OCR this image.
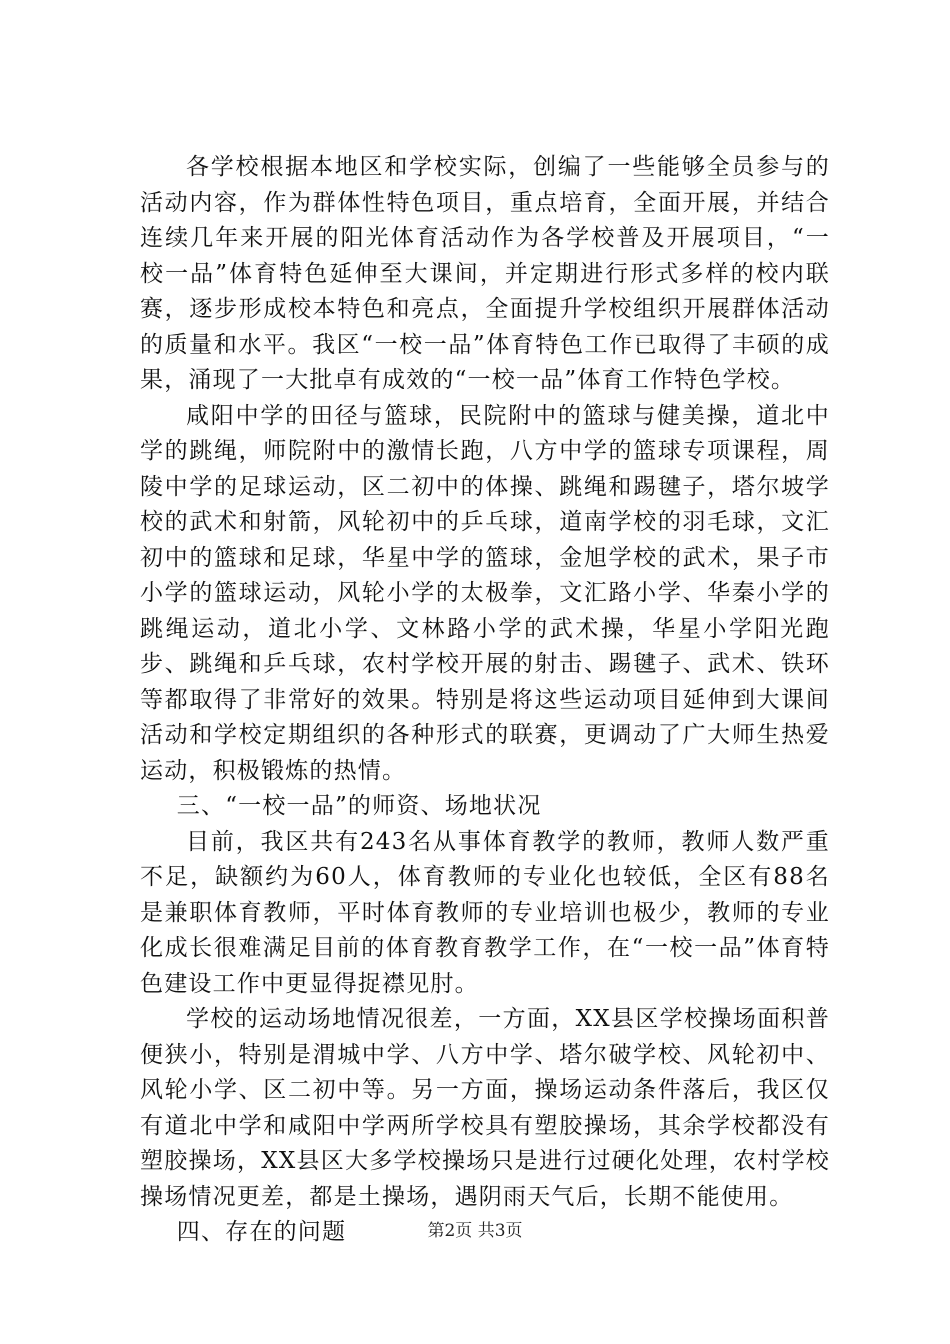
各学校根据本地区和学校实际，创编了一些能够全员参与的活动内容，作为群体性特色项目，重点培育，全面开展，并结合连续几年来开展的阳光体育活动作为各学校普及开展项目，“一校一品”体育特色延伸至大课间，并定期进行形式多样的校内联赛，逐步形成校本特色和亮点，全面提升学校组织开展群体活动的质量和水平。我区“一校一品”体育特色工作已取得了丰硕的成果，涌现了一大批卓有成效的“一校一品”体育工作特色学校。

咸阳中学的田径与篮球，民院附中的篮球与健美操，道北中学的跳绳，师院附中的激情长跑，八方中学的篮球专项课程，周陵中学的足球运动，区二初中的体操、跳绳和踢毽子，塔尔坡学校的武术和射箭，风轮初中的乒乓球，道南学校的羽毛球，文汇初中的篮球和足球，华星中学的篮球，金旭学校的武术，果子市小学的篮球运动，风轮小学的太极拳，文汇路小学、华秦小学的跳绳运动，道北小学、文林路小学的武术操，华星小学阳光跑步、跳绳和乒乓球，农村学校开展的射击、踢毽子、武术、铁环等都取得了非常好的效果。特别是将这些运动项目延伸到大课间活动和学校定期组织的各种形式的联赛，更调动了广大师生热爱运动，积极锻炼的热情。

三、“一校一品”的师资、场地状况

目前，我区共有243名从事体育教学的教师，教师人数严重不足，缺额约为60人，体育教师的专业化也较低，全区有88名是兼职体育教师，平时体育教师的专业培训也极少，教师的专业化成长很难满足目前的体育教育教学工作，在“一校一品”体育特色建设工作中更显得捉襟见肘。

学校的运动场地情况很差，一方面，XX县区学校操场面积普便狭小，特别是渭城中学、八方中学、塔尔破学校、风轮初中、风轮小学、区二初中等。另一方面，操场运动条件落后，我区仅有道北中学和咸阳中学两所学校具有塑胶操场，其余学校都没有塑胶操场，XX县区大多学校操场只是进行过硬化处理，农村学校操场情况更差，都是土操场，遇阴雨天气后，长期不能使用。

四、存在的问题	第2页 共3页
